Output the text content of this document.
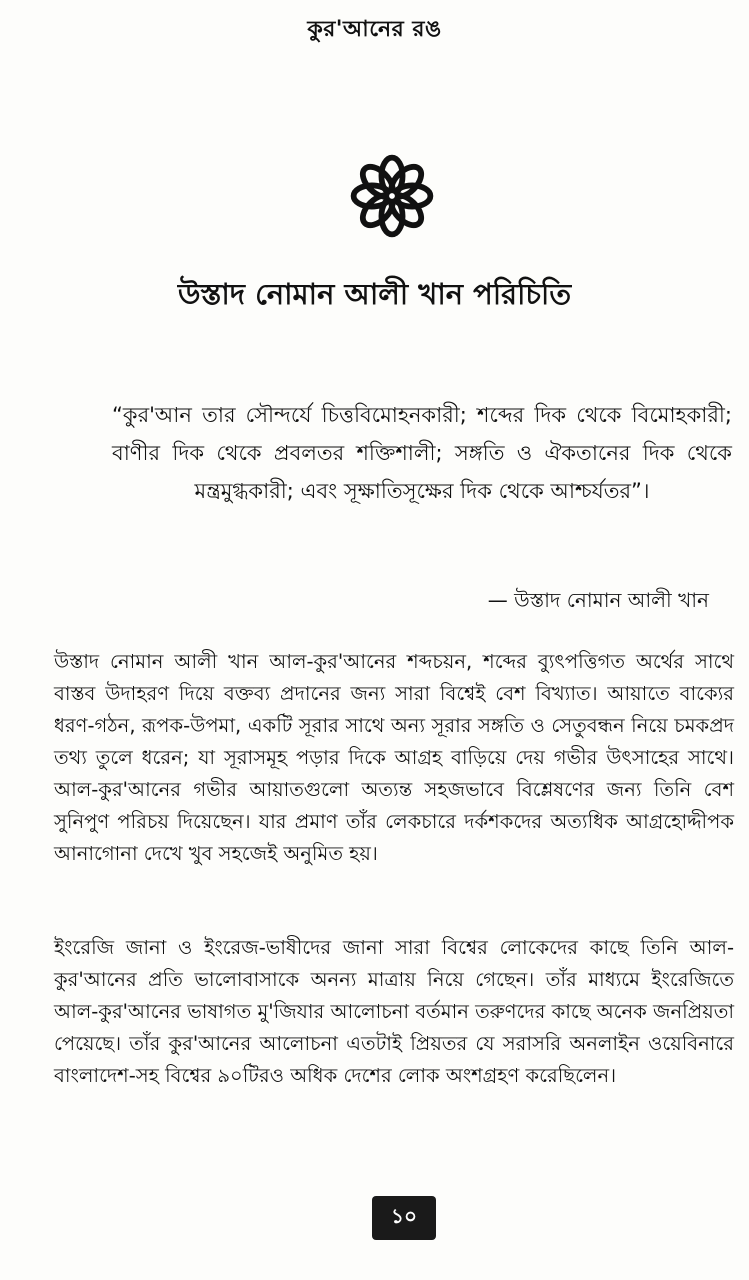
কুর'আনের রঙ
উস্তাদ নোমান আলী খান পরিচিতি
“কুর'আন তার সৌন্দর্যে চিত্তবিমোহনকারী; শব্দের দিক থেকে বিমোহকারী; বাণীর দিক থেকে প্রবলতর শক্তিশালী; সঙ্গতি ও ঐকতানের দিক থেকে মন্ত্রমুগ্ধকারী; এবং সূক্ষাতিসূক্ষের দিক থেকে আশ্চর্যতর”।
— উস্তাদ নোমান আলী খান

উস্তাদ নোমান আলী খান আল-কুর'আনের শব্দচয়ন, শব্দের ব্যুৎপত্তিগত অর্থের সাথে বাস্তব উদাহরণ দিয়ে বক্তব্য প্রদানের জন্য সারা বিশ্বেই বেশ বিখ্যাত। আয়াতে বাক্যের ধরণ-গঠন, রূপক-উপমা, একটি সূরার সাথে অন্য সূরার সঙ্গতি ও সেতুবন্ধন নিয়ে চমকপ্রদ তথ্য তুলে ধরেন; যা সূরাসমূহ পড়ার দিকে আগ্রহ বাড়িয়ে দেয় গভীর উৎসাহের সাথে। আল-কুর'আনের গভীর আয়াতগুলো অত্যন্ত সহজভাবে বিশ্লেষণের জন্য তিনি বেশ সুনিপুণ পরিচয় দিয়েছেন। যার প্রমাণ তাঁর লেকচারে দর্কশকদের অত্যধিক আগ্রহোদ্দীপক আনাগোনা দেখে খুব সহজেই অনুমিত হয়।

ইংরেজি জানা ও ইংরেজ-ভাষীদের জানা সারা বিশ্বের লোকেদের কাছে তিনি আল-কুর'আনের প্রতি ভালোবাসাকে অনন্য মাত্রায় নিয়ে গেছেন। তাঁর মাধ্যমে ইংরেজিতে আল-কুর'আনের ভাষাগত মু'জিযার আলোচনা বর্তমান তরুণদের কাছে অনেক জনপ্রিয়তা পেয়েছে। তাঁর কুর'আনের আলোচনা এতটাই প্রিয়তর যে সরাসরি অনলাইন ওয়েবিনারে বাংলাদেশ-সহ বিশ্বের ৯০টিরও অধিক দেশের লোক অংশগ্রহণ করেছিলেন।

১০
